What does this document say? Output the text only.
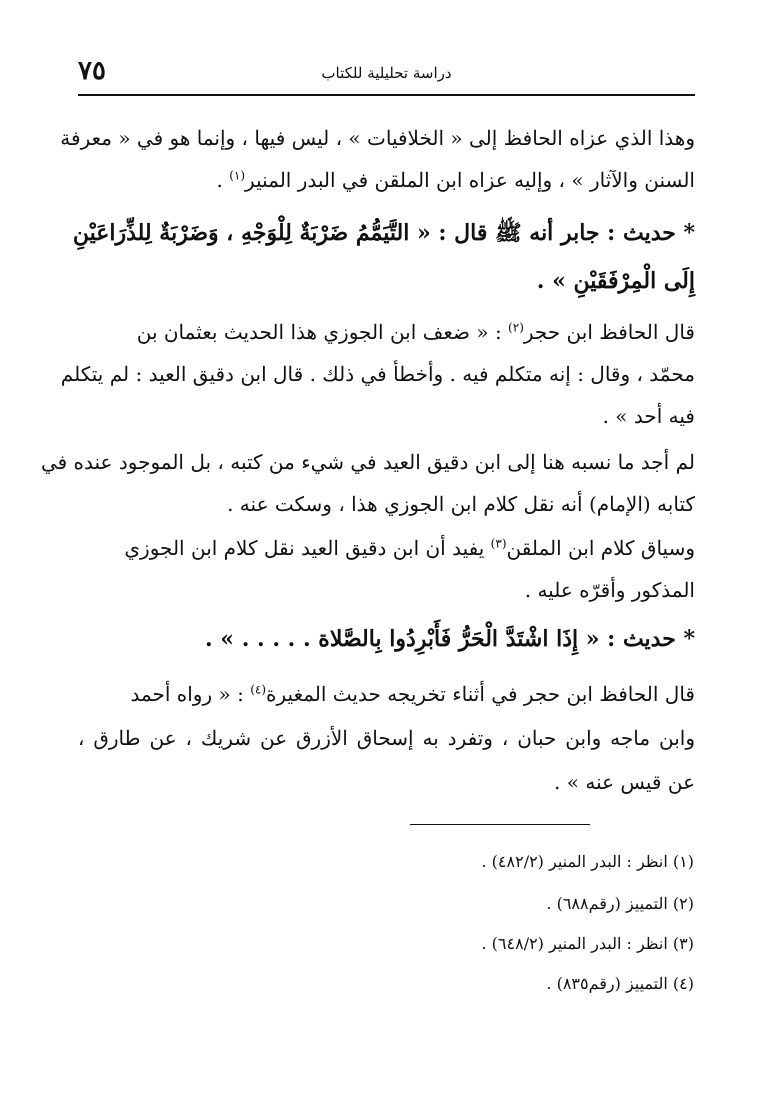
٧٥	دراسة تحليلية للكتاب
وهذا الذي عزاه الحافظ إلى « الخلافيات » ، ليس فيها ، وإنما هو في « معرفة
السنن والآثار » ، وإليه عزاه ابن الملقن في البدر المنير$^{(١)}$ .
* حديث : جابر أنه ﷺ قال : « التَّيَمُّمُ ضَرْبَةٌ لِلْوَجْهِ ، وَضَرْبَةٌ لِلذِّرَاعَيْنِ
إِلَى الْمِرْفَقَيْنِ » .
قال الحافظ ابن حجر$^{(٢)}$ : « ضعف ابن الجوزي هذا الحديث بعثمان بن
محمّد ، وقال : إنه متكلم فيه . وأخطأ في ذلك . قال ابن دقيق العيد : لم يتكلم
فيه أحد » .
لم أجد ما نسبه هنا إلى ابن دقيق العيد في شيء من كتبه ، بل الموجود عنده في
كتابه (الإمام) أنه نقل كلام ابن الجوزي هذا ، وسكت عنه .
وسياق كلام ابن الملقن$^{(٣)}$ يفيد أن ابن دقيق العيد نقل كلام ابن الجوزي
المذكور وأقرّه عليه .
* حديث : « إِذَا اشْتَدَّ الْحَرُّ فَأَبْرِدُوا بِالصَّلاة . . . . . » .
قال الحافظ ابن حجر في أثناء تخريجه حديث المغيرة$^{(٤)}$ : « رواه أحمد
وابن ماجه وابن حبان ، وتفرد به إسحاق الأزرق عن شريك ، عن طارق ،
عن قيس عنه » .
(١) انظر : البدر المنير (٤٨٢/٢) .
(٢) التمييز (رقم٦٨٨) .
(٣) انظر : البدر المنير (٦٤٨/٢) .
(٤) التمييز (رقم٨٣٥) .
